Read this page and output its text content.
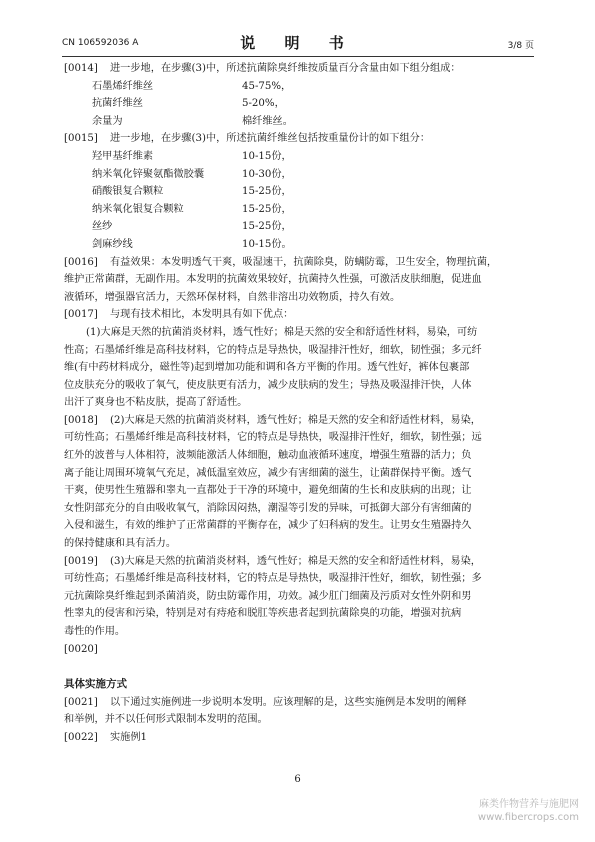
CN 106592036 A	说 明 书	3/8 页
[0014]	进一步地，在步骤(3)中，所述抗菌除臭纤维按质量百分含量由如下组分组成：
石墨烯纤维丝	45-75%，
抗菌纤维丝	5-20%，
余量为	棉纤维丝。
[0015]	进一步地，在步骤(3)中，所述抗菌纤维丝包括按重量份计的如下组分：
羟甲基纤维素	10-15份，
纳米氧化锌聚氨酯微胶囊	10-30份，
硝酸银复合颗粒	15-25份，
纳米氧化银复合颗粒	15-25份，
丝纱	15-25份，
剑麻纱线	10-15份。
[0016]	有益效果：本发明透气干爽，吸湿速干，抗菌除臭，防螨防霉，卫生安全，物理抗菌，
维护正常菌群，无副作用。本发明的抗菌效果较好，抗菌持久性强，可激活皮肤细胞，促进血
液循环，增强器官活力，天然环保材料，自然非溶出功效物质，持久有效。
[0017]	与现有技术相比，本发明具有如下优点：
(1)大麻是天然的抗菌消炎材料，透气性好；棉是天然的安全和舒适性材料，易染，可纺
性高；石墨烯纤维是高科技材料，它的特点是导热快，吸湿排汗性好，细软，韧性强；多元纤
维(有中药材料成分，磁性等)起到增加功能和调和各方平衡的作用。透气性好，裤体包裹部
位皮肤充分的吸收了氧气，使皮肤更有活力，减少皮肤病的发生；导热及吸湿排汗快，人体
出汗了爽身也不粘皮肤，提高了舒适性。
[0018]	(2)大麻是天然的抗菌消炎材料，透气性好；棉是天然的安全和舒适性材料，易染，
可纺性高；石墨烯纤维是高科技材料，它的特点是导热快，吸湿排汗性好，细软，韧性强；远
红外的波普与人体相符，波频能激活人体细胞，触动血液循环速度，增强生殖器的活力；负
离子能让周围环境氧气充足，减低温室效应，减少有害细菌的滋生，让菌群保持平衡。透气
干爽，使男性生殖器和睾丸一直都处于干净的环境中，避免细菌的生长和皮肤病的出现；让
女性阴部充分的自由吸收氧气，消除因闷热，潮湿等引发的异味，可抵御大部分有害细菌的
入侵和滋生，有效的维护了正常菌群的平衡存在，减少了妇科病的发生。让男女生殖器持久
的保持健康和具有活力。
[0019]	(3)大麻是天然的抗菌消炎材料，透气性好；棉是天然的安全和舒适性材料，易染，
可纺性高；石墨烯纤维是高科技材料，它的特点是导热快，吸湿排汗性好，细软，韧性强；多
元抗菌除臭纤维起到杀菌消炎，防虫防霉作用，功效。减少肛门细菌及污质对女性外阴和男
性睾丸的侵害和污染，特别是对有痔疮和脱肛等疾患者起到抗菌除臭的功能，增强对抗病
毒性的作用。
[0020]

具体实施方式
[0021]	以下通过实施例进一步说明本发明。应该理解的是，这些实施例是本发明的阐释
和举例，并不以任何形式限制本发明的范围。
[0022]	实施例1
6
麻类作物营养与施肥网
www.fibercrops.com
